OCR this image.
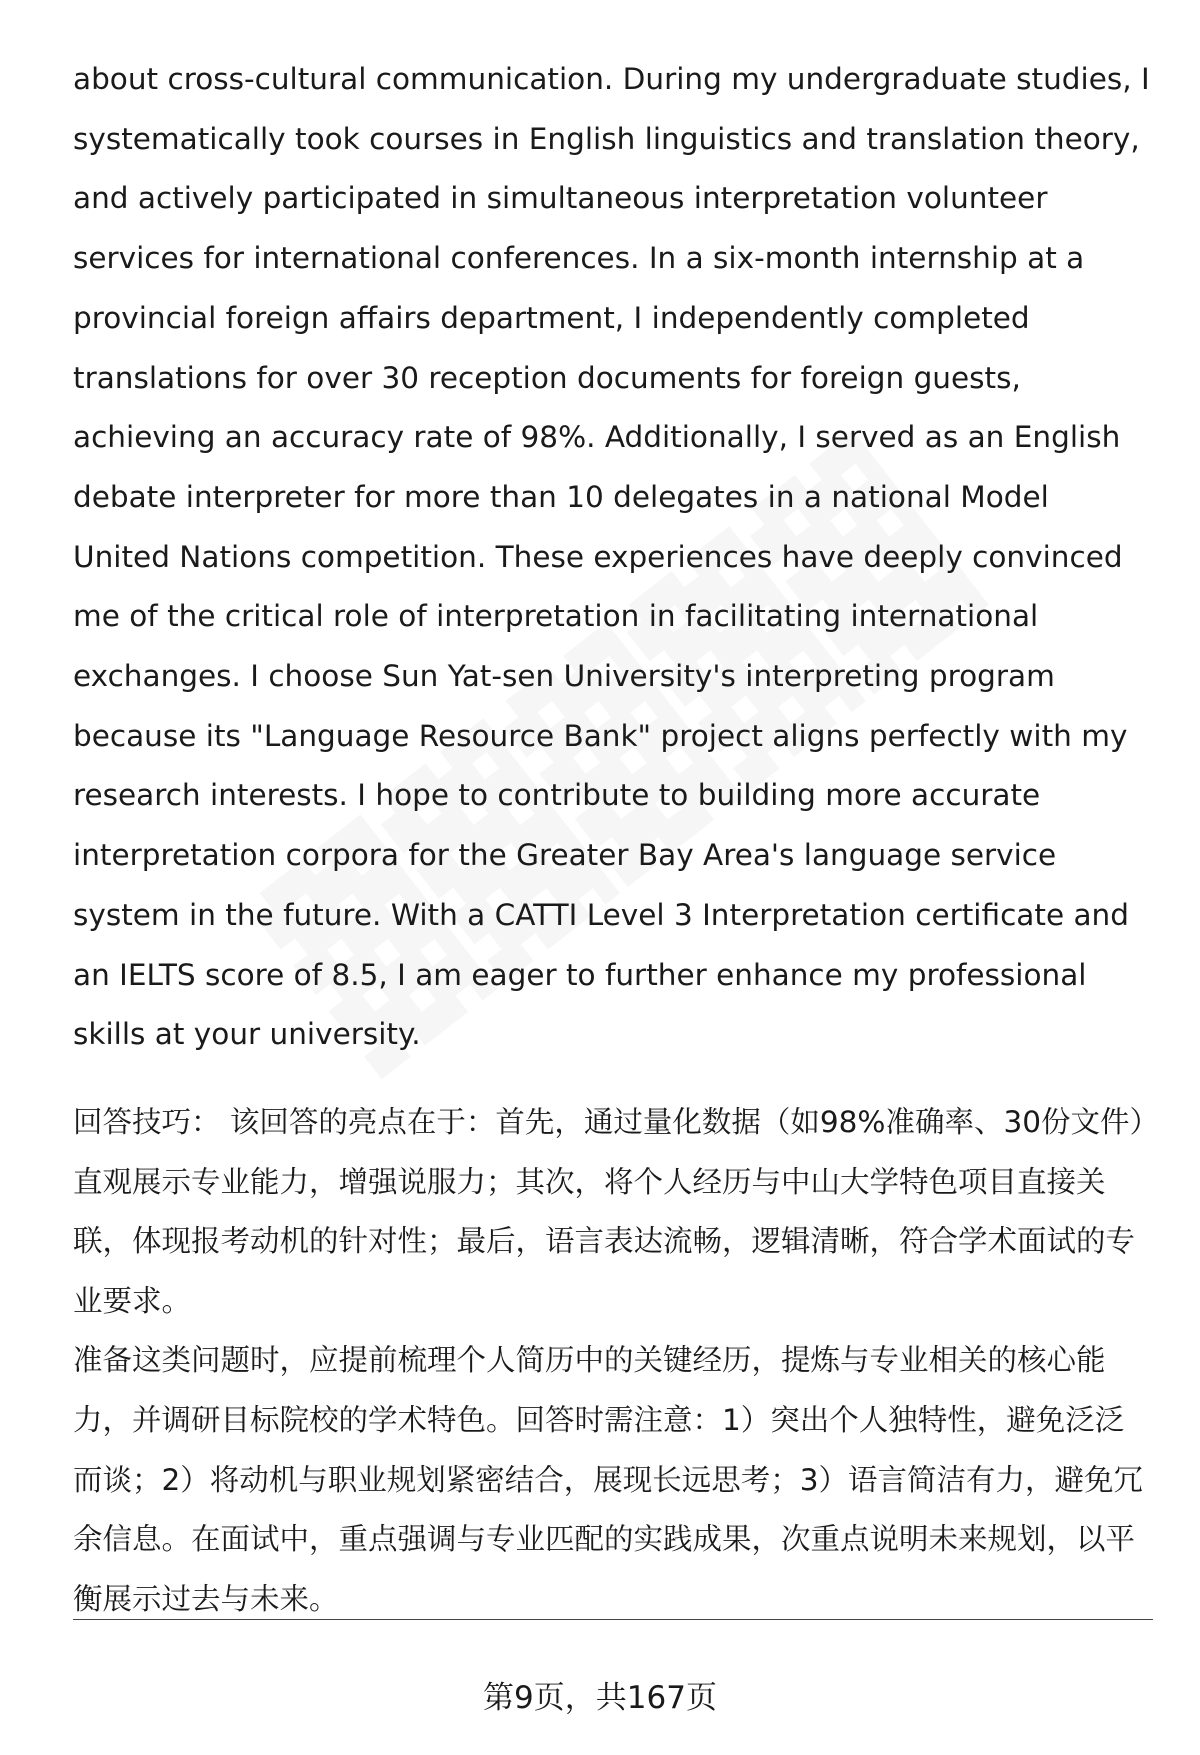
about cross-cultural communication. During my undergraduate studies, I systematically took courses in English linguistics and translation theory, and actively participated in simultaneous interpretation volunteer services for international conferences. In a six-month internship at a provincial foreign affairs department, I independently completed translations for over 30 reception documents for foreign guests, achieving an accuracy rate of 98%. Additionally, I served as an English debate interpreter for more than 10 delegates in a national Model United Nations competition. These experiences have deeply convinced me of the critical role of interpretation in facilitating international exchanges. I choose Sun Yat-sen University's interpreting program because its "Language Resource Bank" project aligns perfectly with my research interests. I hope to contribute to building more accurate interpretation corpora for the Greater Bay Area's language service system in the future. With a CATTI Level 3 Interpretation certificate and an IELTS score of 8.5, I am eager to further enhance my professional skills at your university.

回答技巧： 该回答的亮点在于：首先，通过量化数据（如98%准确率、30份文件）直观展示专业能力，增强说服力；其次，将个人经历与中山大学特色项目直接关联，体现报考动机的针对性；最后，语言表达流畅，逻辑清晰，符合学术面试的专业要求。

准备这类问题时，应提前梳理个人简历中的关键经历，提炼与专业相关的核心能力，并调研目标院校的学术特色。回答时需注意：1）突出个人独特性，避免泛泛而谈；2）将动机与职业规划紧密结合，展现长远思考；3）语言简洁有力，避免冗余信息。在面试中，重点强调与专业匹配的实践成果，次重点说明未来规划，以平衡展示过去与未来。

第9页，共167页
